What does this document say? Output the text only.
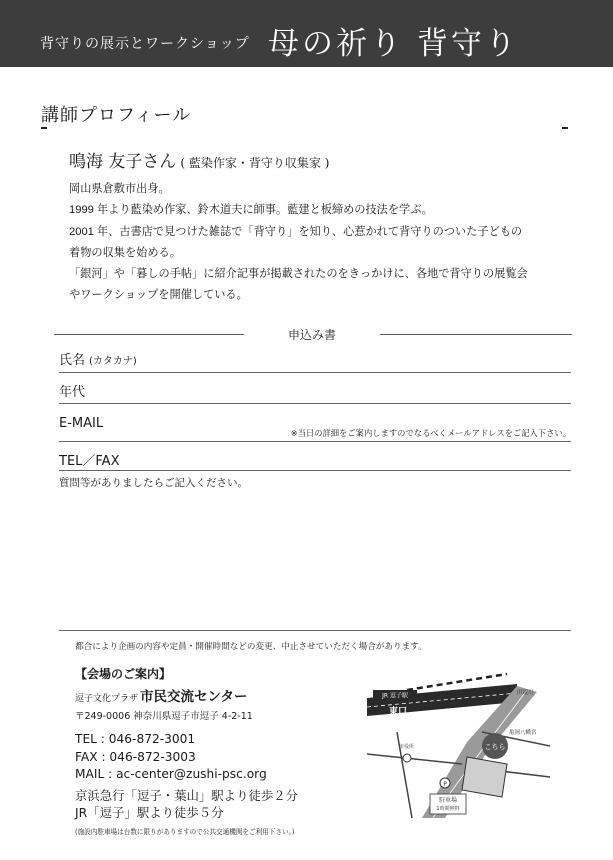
背守りの展示とワークショップ 母の祈り 背守り
講師プロフィール
鳴海 友子さん ( 藍染作家・背守り収集家 )

岡山県倉敷市出身。

1999 年より藍染め作家、鈴木道夫に師事。藍建と板締めの技法を学ぶ。

2001 年、古書店で見つけた雑誌で「背守り」を知り、心惹かれて背守りのついた子どもの

着物の収集を始める。

「銀河」や「暮しの手帖」に紹介記事が掲載されたのをきっかけに、各地で背守りの展覧会

やワークショップを開催している。

申込み書
氏名 (カタカナ)
年代
E-MAIL
※当日の詳細をご案内しますのでなるべくメールアドレスをご記入下さい。
TEL／FAX
質問等がありましたらご記入ください。
都合により企画の内容や定員・開催時間などの変更、中止させていただく場合があります。
【会場のご案内】
逗子文化プラザ 市民交流センター
〒249-0006 神奈川県逗子市逗子 4-2-11
TEL : 046-872-3001
FAX : 046-872-3003
MAIL : ac-center@zushi-psc.org
京浜急行「逗子・葉山」駅より徒歩２分
JR「逗子」駅より徒歩５分
(施設内駐車場は台数に限りがありますので公共交通機関をご利用下さい。)
こちら
P
駐車場
1時間無料
JR 逗子駅
東口
田越川
亀岡八幡宮
市役所
